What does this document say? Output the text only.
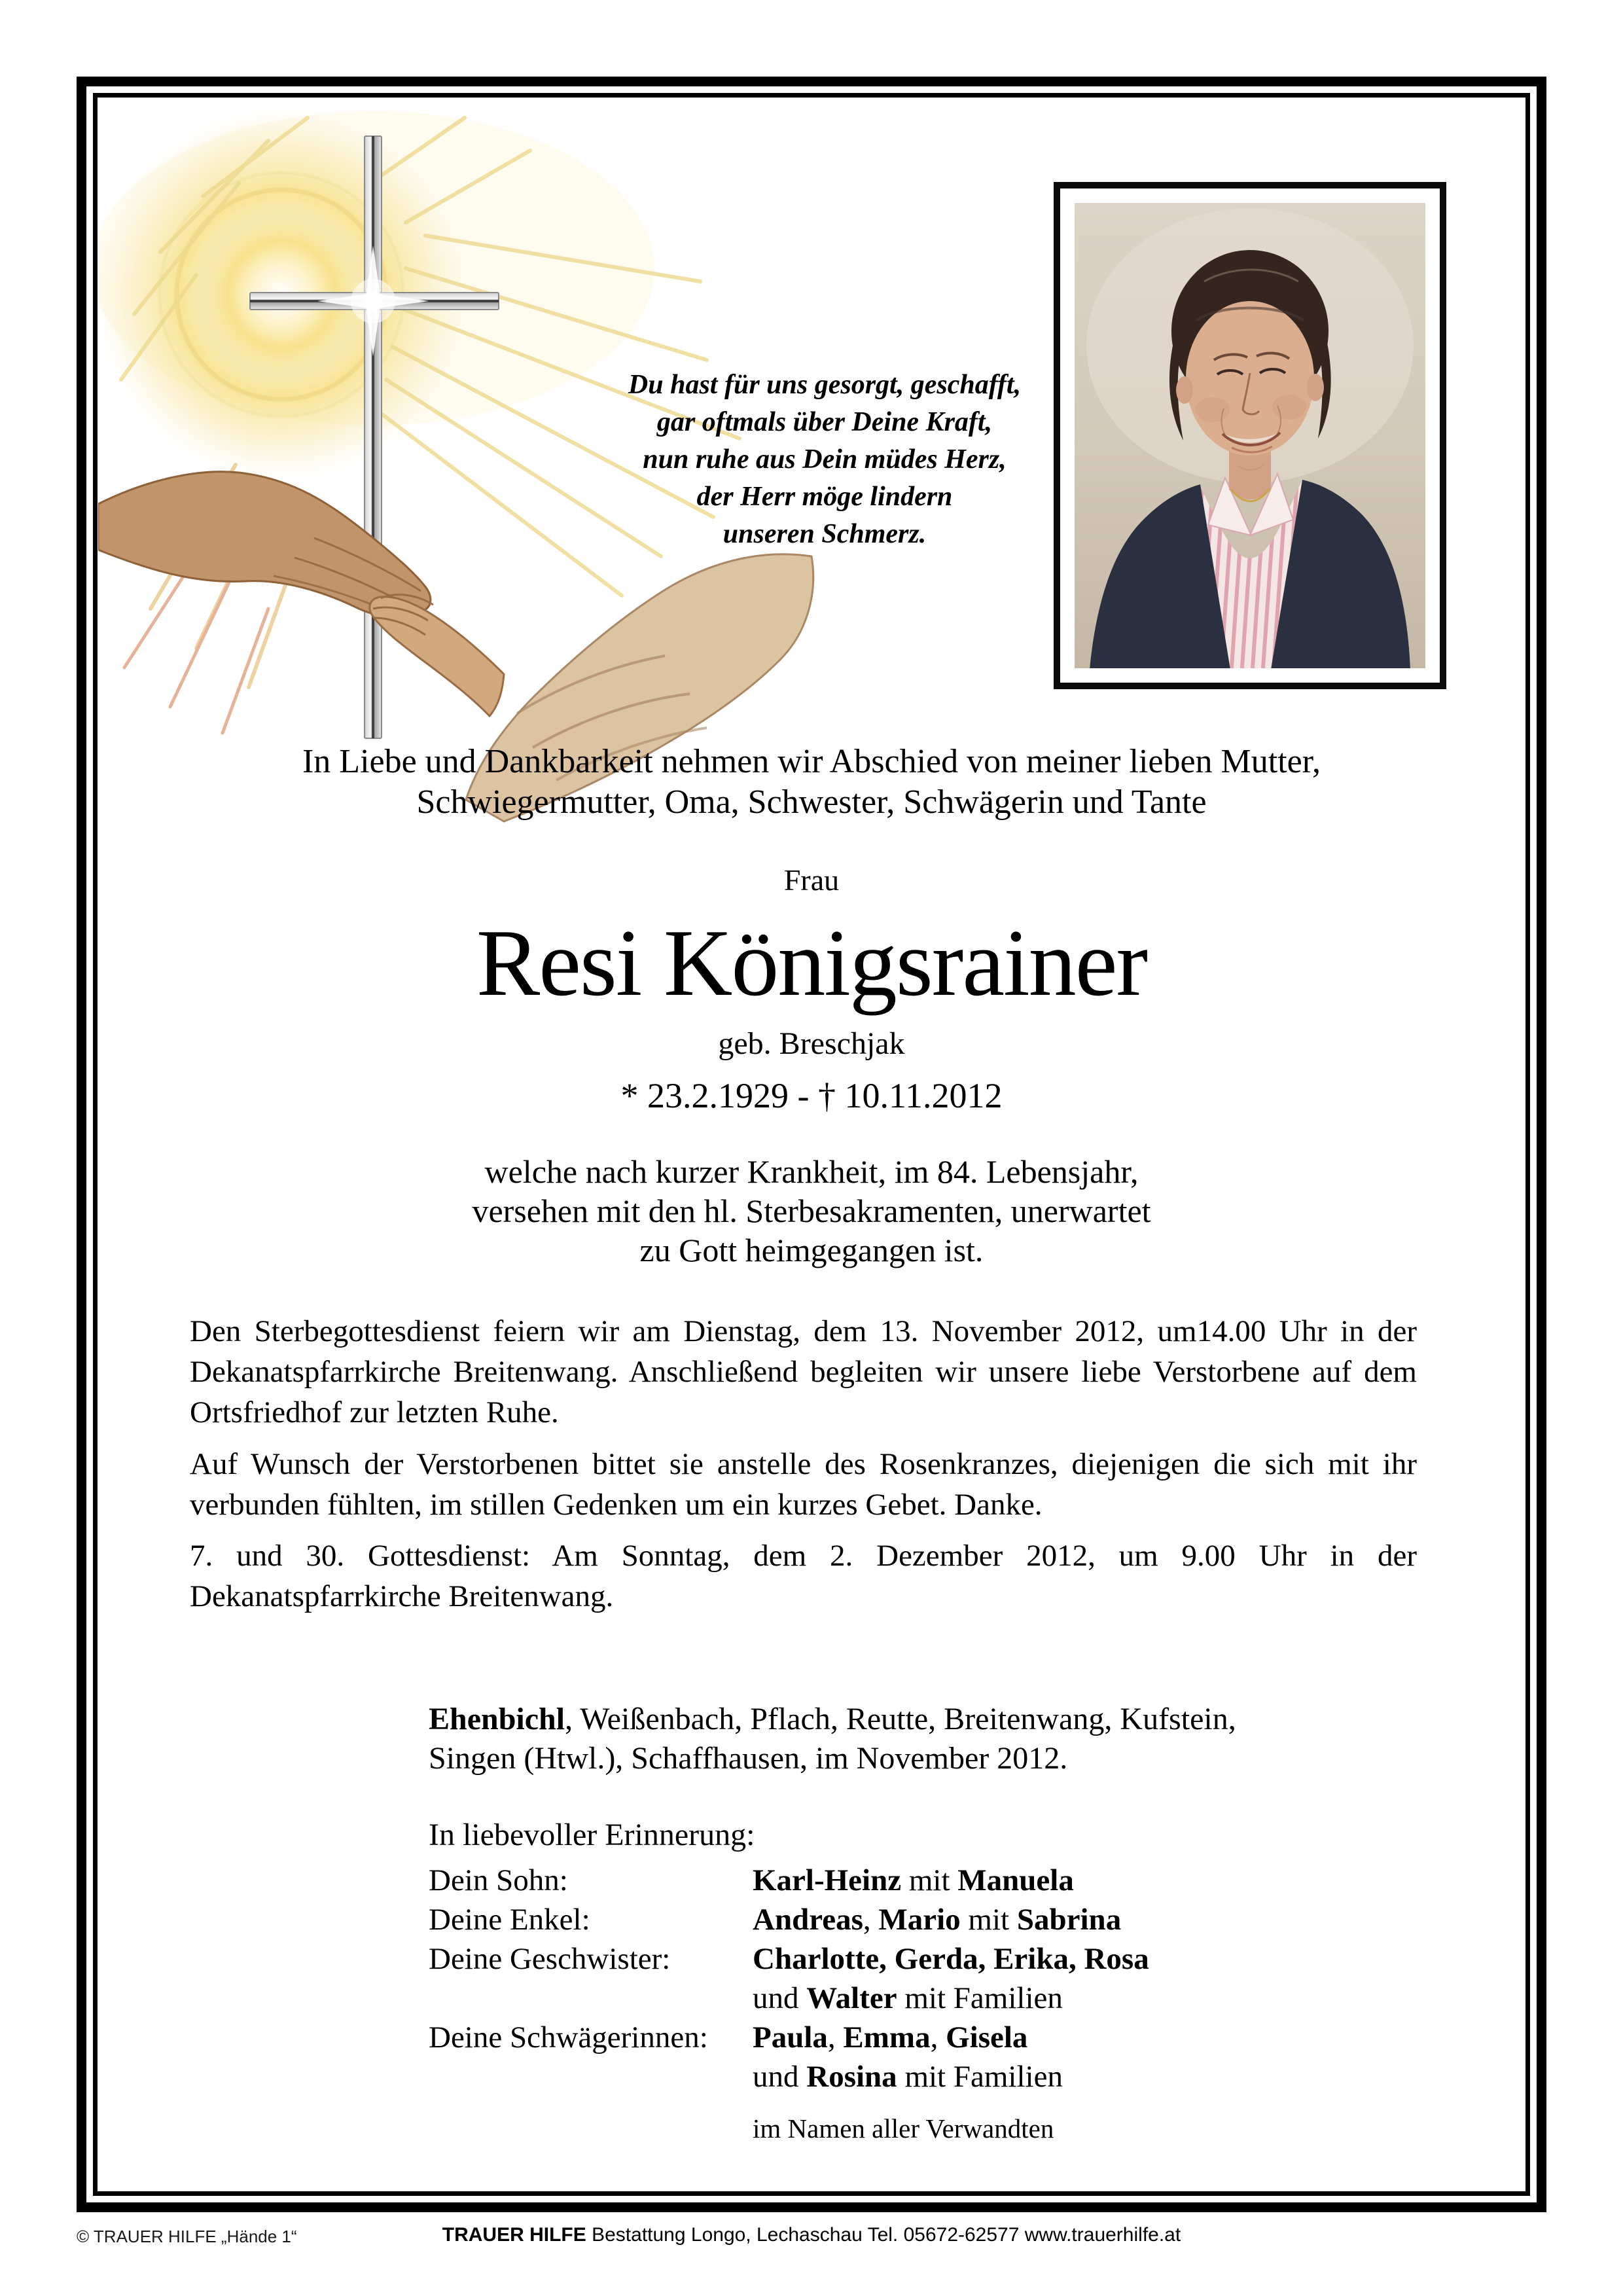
Du hast für uns gesorgt, geschafft,
gar oftmals über Deine Kraft,
nun ruhe aus Dein müdes Herz,
der Herr möge lindern
unseren Schmerz.
In Liebe und Dankbarkeit nehmen wir Abschied von meiner lieben Mutter,
Schwiegermutter, Oma, Schwester, Schwägerin und Tante
Frau
Resi Königsrainer
geb. Breschjak
* 23.2.1929 - † 10.11.2012
welche nach kurzer Krankheit, im 84. Lebensjahr,
versehen mit den hl. Sterbesakramenten, unerwartet
zu Gott heimgegangen ist.
Den Sterbegottesdienst feiern wir am Dienstag, dem 13. November 2012, um14.00 Uhr in der Dekanatspfarrkirche Breitenwang. Anschließend begleiten wir unsere liebe Verstorbene auf dem Ortsfriedhof zur letzten Ruhe.
Auf Wunsch der Verstorbenen bittet sie anstelle des Rosenkranzes, diejenigen die sich mit ihr verbunden fühlten, im stillen Gedenken um ein kurzes Gebet. Danke.
7. und 30. Gottesdienst: Am Sonntag, dem 2. Dezember 2012, um 9.00 Uhr in der Dekanatspfarrkirche Breitenwang.
Ehenbichl, Weißenbach, Pflach, Reutte, Breitenwang, Kufstein,
Singen (Htwl.), Schaffhausen, im November 2012.
In liebevoller Erinnerung:
Dein Sohn:	Karl-Heinz mit Manuela
Deine Enkel:	Andreas, Mario mit Sabrina
Deine Geschwister:	Charlotte, Gerda, Erika, Rosa
und Walter mit Familien
Deine Schwägerinnen:	Paula, Emma, Gisela
und Rosina mit Familien
im Namen aller Verwandten
© TRAUER HILFE „Hände 1“	TRAUER HILFE Bestattung Longo, Lechaschau Tel. 05672-62577 www.trauerhilfe.at
